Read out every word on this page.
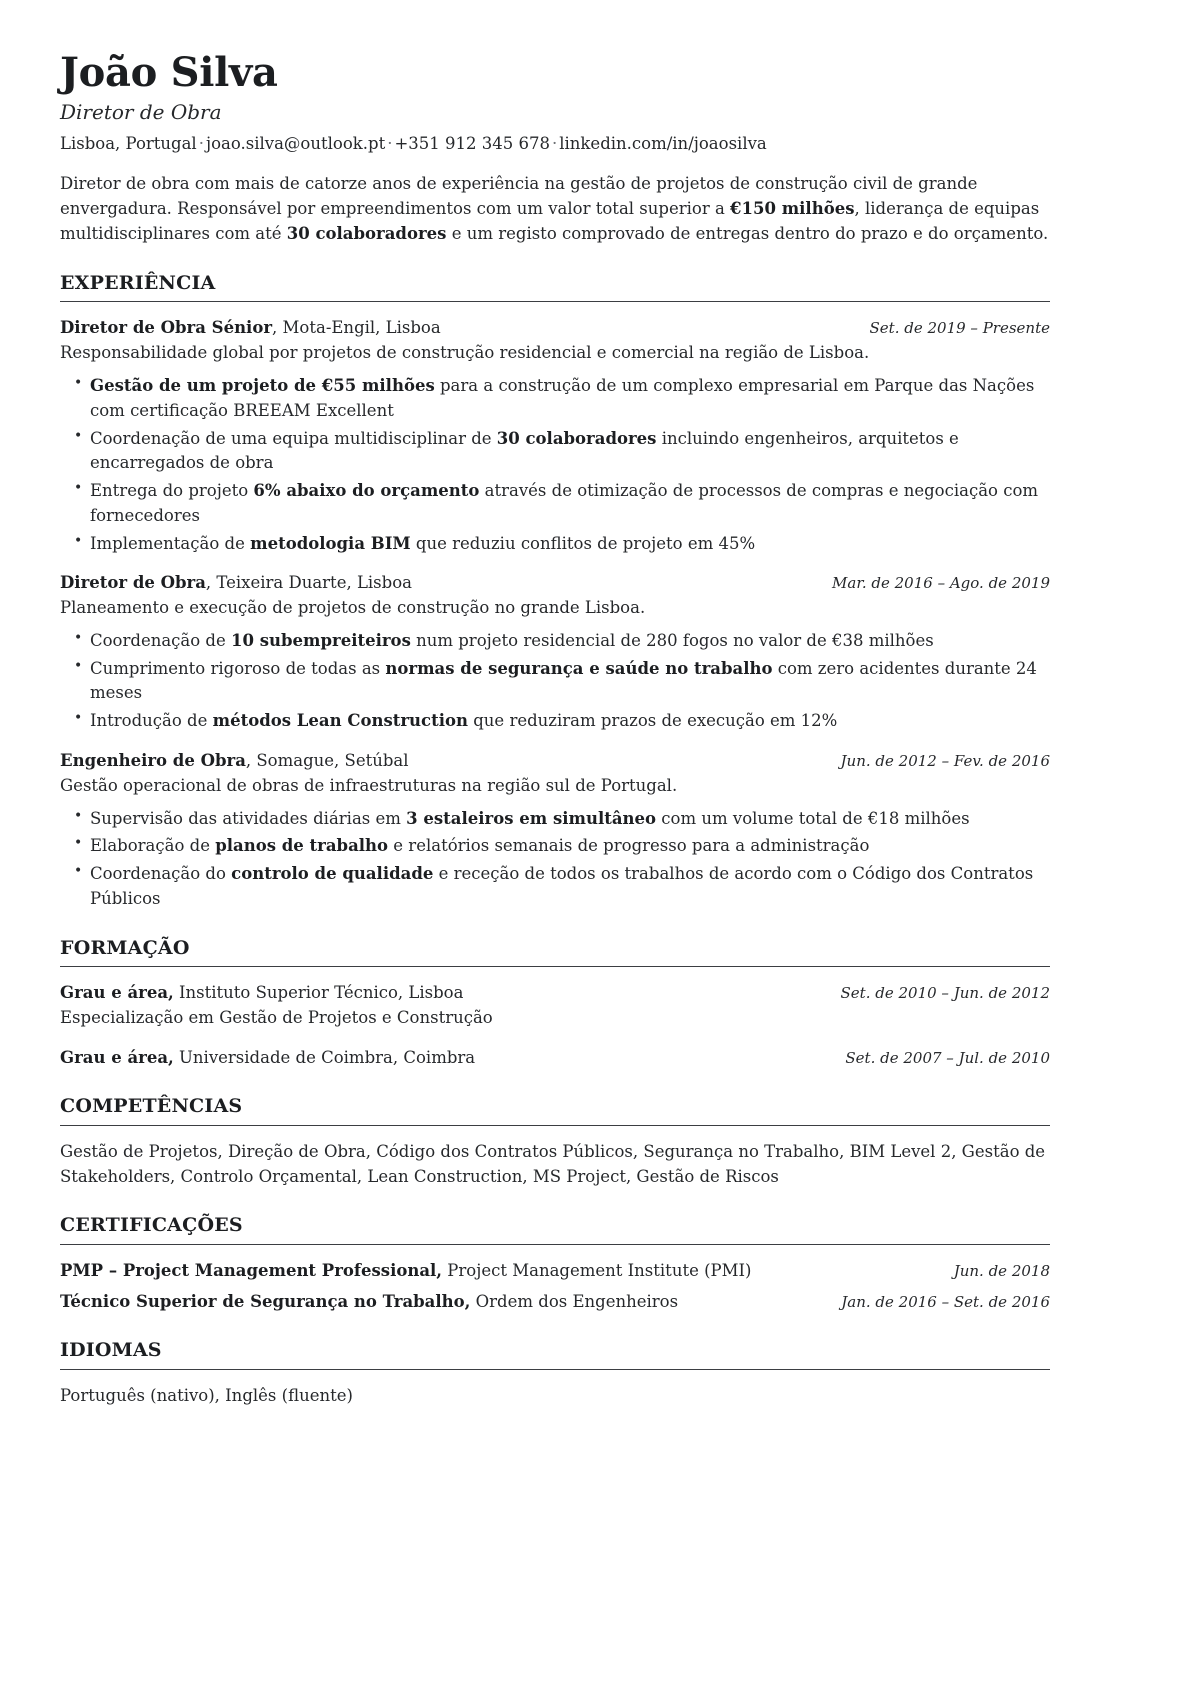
João Silva
Diretor de Obra
Lisboa, Portugal · joao.silva@outlook.pt · +351 912 345 678 · linkedin.com/in/joaosilva

Diretor de obra com mais de catorze anos de experiência na gestão de projetos de construção civil de grande envergadura. Responsável por empreendimentos com um valor total superior a €150 milhões, liderança de equipas multidisciplinares com até 30 colaboradores e um registo comprovado de entregas dentro do prazo e do orçamento.

EXPERIÊNCIA
Diretor de Obra Sénior, Mota-Engil, Lisboa	Set. de 2019 – Presente
Responsabilidade global por projetos de construção residencial e comercial na região de Lisboa.
• Gestão de um projeto de €55 milhões para a construção de um complexo empresarial em Parque das Nações com certificação BREEAM Excellent
• Coordenação de uma equipa multidisciplinar de 30 colaboradores incluindo engenheiros, arquitetos e encarregados de obra
• Entrega do projeto 6% abaixo do orçamento através de otimização de processos de compras e negociação com fornecedores
• Implementação de metodologia BIM que reduziu conflitos de projeto em 45%
Diretor de Obra, Teixeira Duarte, Lisboa	Mar. de 2016 – Ago. de 2019
Planeamento e execução de projetos de construção no grande Lisboa.
• Coordenação de 10 subempreiteiros num projeto residencial de 280 fogos no valor de €38 milhões
• Cumprimento rigoroso de todas as normas de segurança e saúde no trabalho com zero acidentes durante 24 meses
• Introdução de métodos Lean Construction que reduziram prazos de execução em 12%
Engenheiro de Obra, Somague, Setúbal	Jun. de 2012 – Fev. de 2016
Gestão operacional de obras de infraestruturas na região sul de Portugal.
• Supervisão das atividades diárias em 3 estaleiros em simultâneo com um volume total de €18 milhões
• Elaboração de planos de trabalho e relatórios semanais de progresso para a administração
• Coordenação do controlo de qualidade e receção de todos os trabalhos de acordo com o Código dos Contratos Públicos
FORMAÇÃO
Grau e área, Instituto Superior Técnico, Lisboa	Set. de 2010 – Jun. de 2012
Especialização em Gestão de Projetos e Construção
Grau e área, Universidade de Coimbra, Coimbra	Set. de 2007 – Jul. de 2010
COMPETÊNCIAS

Gestão de Projetos, Direção de Obra, Código dos Contratos Públicos, Segurança no Trabalho, BIM Level 2, Gestão de Stakeholders, Controlo Orçamental, Lean Construction, MS Project, Gestão de Riscos

CERTIFICAÇÕES
PMP – Project Management Professional, Project Management Institute (PMI)	Jun. de 2018
Técnico Superior de Segurança no Trabalho, Ordem dos Engenheiros	Jan. de 2016 – Set. de 2016
IDIOMAS

Português (nativo), Inglês (fluente)
